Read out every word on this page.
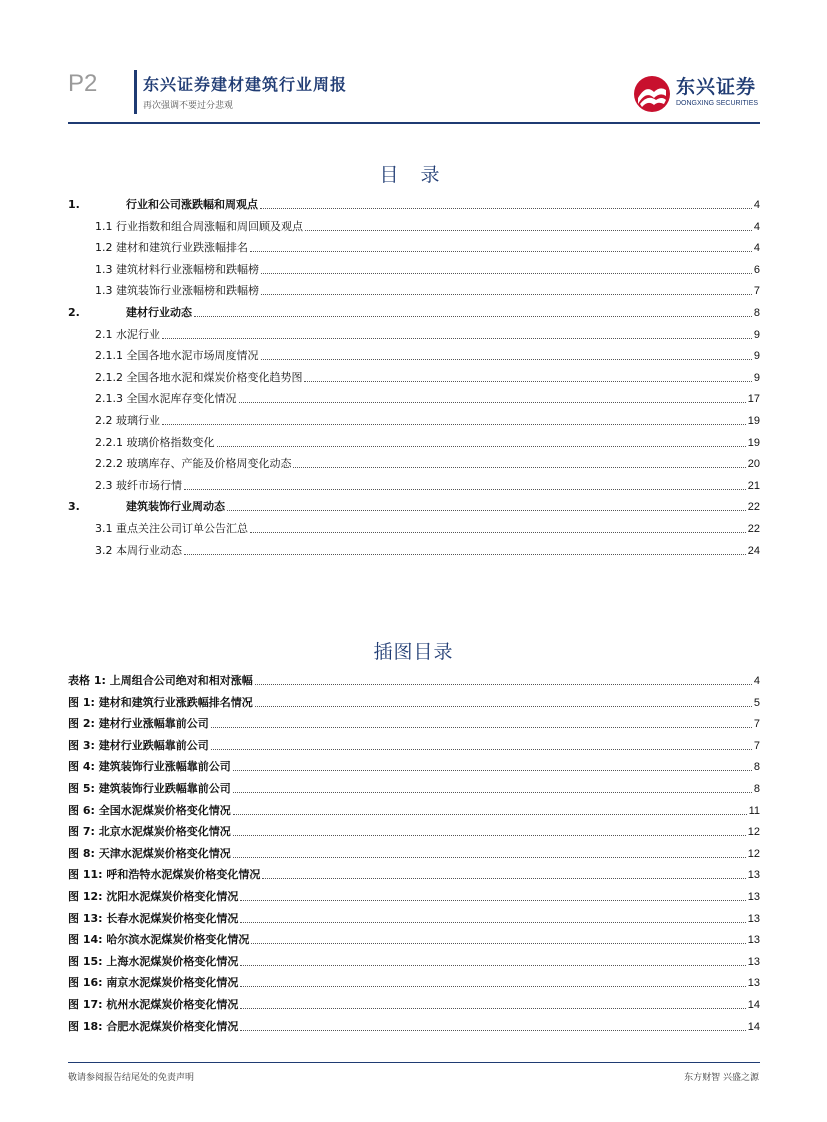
P2	东兴证券建材建筑行业周报
再次强调不要过分悲观
东兴证券
DONGXING SECURITIES
目 录
1.	行业和公司涨跌幅和周观点	4
1.1 行业指数和组合周涨幅和周回顾及观点	4
1.2 建材和建筑行业跌涨幅排名	4
1.3 建筑材料行业涨幅榜和跌幅榜	6
1.3 建筑装饰行业涨幅榜和跌幅榜	7
2.	建材行业动态	8
2.1 水泥行业	9
2.1.1 全国各地水泥市场周度情况	9
2.1.2 全国各地水泥和煤炭价格变化趋势图	9
2.1.3 全国水泥库存变化情况	17
2.2 玻璃行业	19
2.2.1 玻璃价格指数变化	19
2.2.2 玻璃库存、产能及价格周变化动态	20
2.3 玻纤市场行情	21
3.	建筑装饰行业周动态	22
3.1 重点关注公司订单公告汇总	22
3.2 本周行业动态	24
插图目录
表格 1: 上周组合公司绝对和相对涨幅	4
图 1: 建材和建筑行业涨跌幅排名情况	5
图 2: 建材行业涨幅靠前公司	7
图 3: 建材行业跌幅靠前公司	7
图 4: 建筑装饰行业涨幅靠前公司	8
图 5: 建筑装饰行业跌幅靠前公司	8
图 6: 全国水泥煤炭价格变化情况	11
图 7: 北京水泥煤炭价格变化情况	12
图 8: 天津水泥煤炭价格变化情况	12
图 11: 呼和浩特水泥煤炭价格变化情况	13
图 12: 沈阳水泥煤炭价格变化情况	13
图 13: 长春水泥煤炭价格变化情况	13
图 14: 哈尔滨水泥煤炭价格变化情况	13
图 15: 上海水泥煤炭价格变化情况	13
图 16: 南京水泥煤炭价格变化情况	13
图 17: 杭州水泥煤炭价格变化情况	14
图 18: 合肥水泥煤炭价格变化情况	14
敬请参阅报告结尾处的免责声明	东方财智 兴盛之源
